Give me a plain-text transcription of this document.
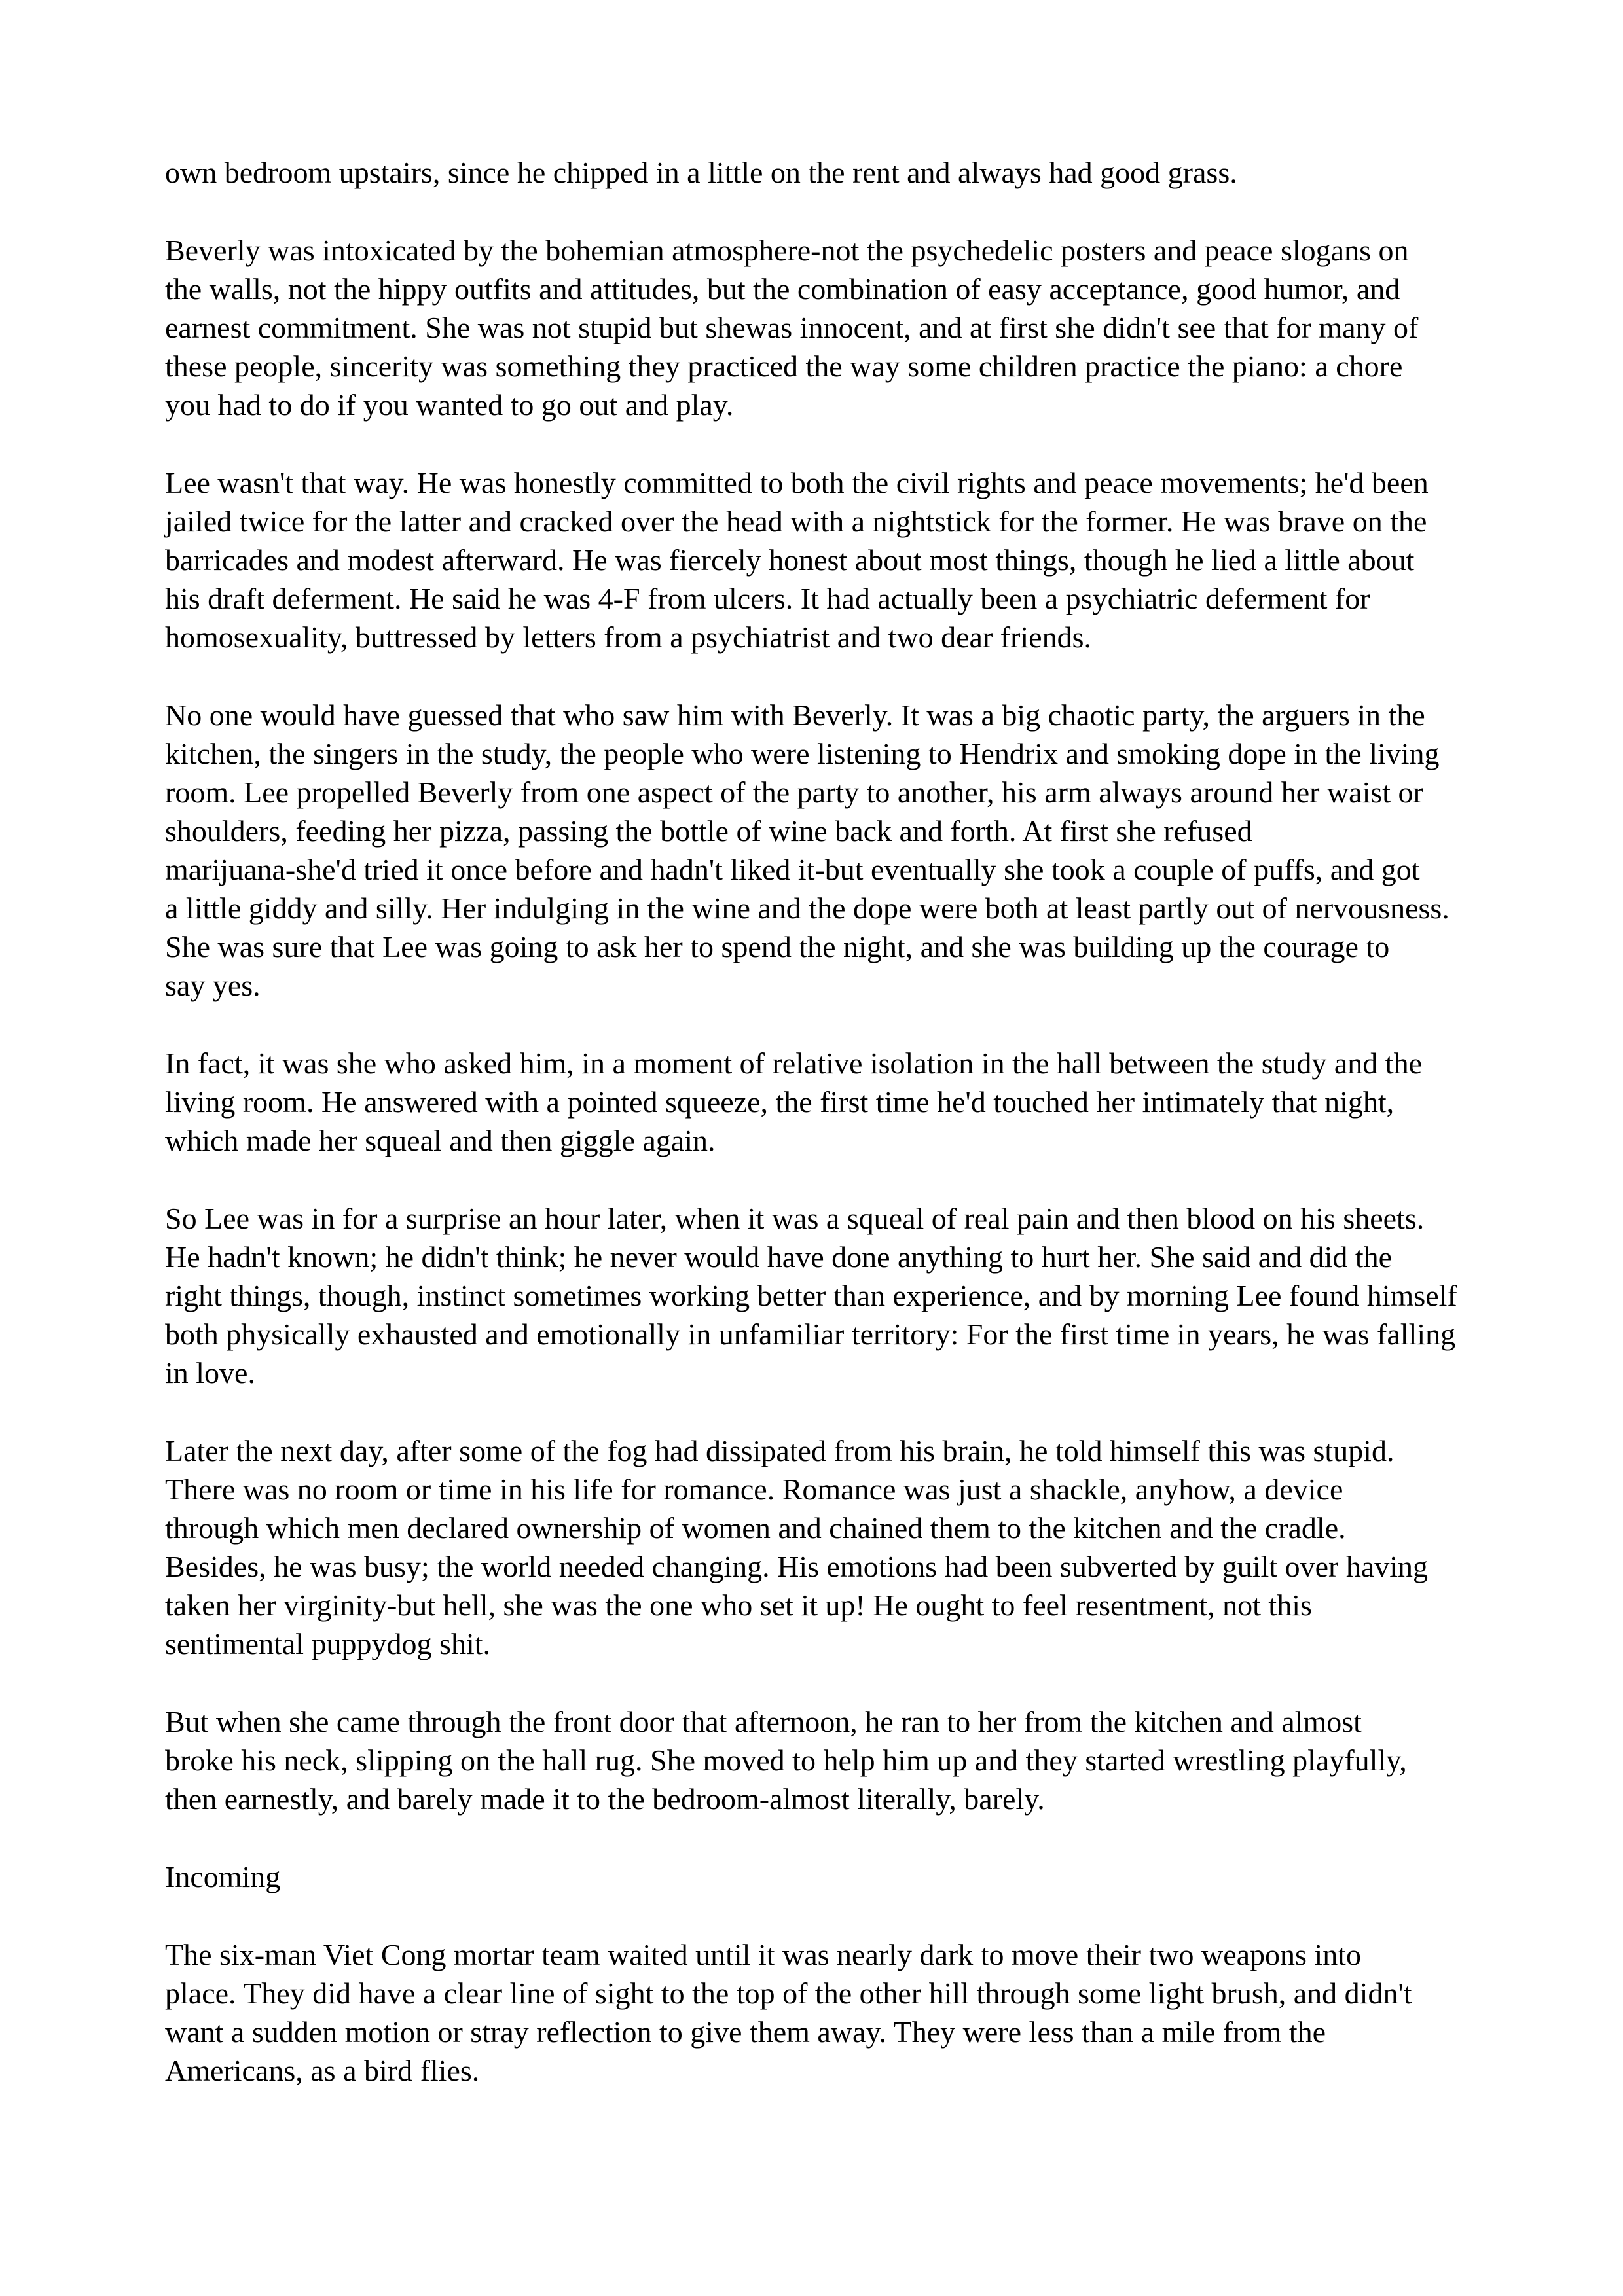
own bedroom upstairs, since he chipped in a little on the rent and always had good grass.

Beverly was intoxicated by the bohemian atmosphere-not the psychedelic posters and peace slogans on
the walls, not the hippy outfits and attitudes, but the combination of easy acceptance, good humor, and
earnest commitment. She was not stupid but shewas innocent, and at first she didn't see that for many of
these people, sincerity was something they practiced the way some children practice the piano: a chore
you had to do if you wanted to go out and play.

Lee wasn't that way. He was honestly committed to both the civil rights and peace movements; he'd been
jailed twice for the latter and cracked over the head with a nightstick for the former. He was brave on the
barricades and modest afterward. He was fiercely honest about most things, though he lied a little about
his draft deferment. He said he was 4-F from ulcers. It had actually been a psychiatric deferment for
homosexuality, buttressed by letters from a psychiatrist and two dear friends.

No one would have guessed that who saw him with Beverly. It was a big chaotic party, the arguers in the
kitchen, the singers in the study, the people who were listening to Hendrix and smoking dope in the living
room. Lee propelled Beverly from one aspect of the party to another, his arm always around her waist or
shoulders, feeding her pizza, passing the bottle of wine back and forth. At first she refused
marijuana-she'd tried it once before and hadn't liked it-but eventually she took a couple of puffs, and got
a little giddy and silly. Her indulging in the wine and the dope were both at least partly out of nervousness.
She was sure that Lee was going to ask her to spend the night, and she was building up the courage to
say yes.

In fact, it was she who asked him, in a moment of relative isolation in the hall between the study and the
living room. He answered with a pointed squeeze, the first time he'd touched her intimately that night,
which made her squeal and then giggle again.

So Lee was in for a surprise an hour later, when it was a squeal of real pain and then blood on his sheets.
He hadn't known; he didn't think; he never would have done anything to hurt her. She said and did the
right things, though, instinct sometimes working better than experience, and by morning Lee found himself
both physically exhausted and emotionally in unfamiliar territory: For the first time in years, he was falling
in love.

Later the next day, after some of the fog had dissipated from his brain, he told himself this was stupid.
There was no room or time in his life for romance. Romance was just a shackle, anyhow, a device
through which men declared ownership of women and chained them to the kitchen and the cradle.
Besides, he was busy; the world needed changing. His emotions had been subverted by guilt over having
taken her virginity-but hell, she was the one who set it up! He ought to feel resentment, not this
sentimental puppydog shit.

But when she came through the front door that afternoon, he ran to her from the kitchen and almost
broke his neck, slipping on the hall rug. She moved to help him up and they started wrestling playfully,
then earnestly, and barely made it to the bedroom-almost literally, barely.

Incoming

The six-man Viet Cong mortar team waited until it was nearly dark to move their two weapons into
place. They did have a clear line of sight to the top of the other hill through some light brush, and didn't
want a sudden motion or stray reflection to give them away. They were less than a mile from the
Americans, as a bird flies.
